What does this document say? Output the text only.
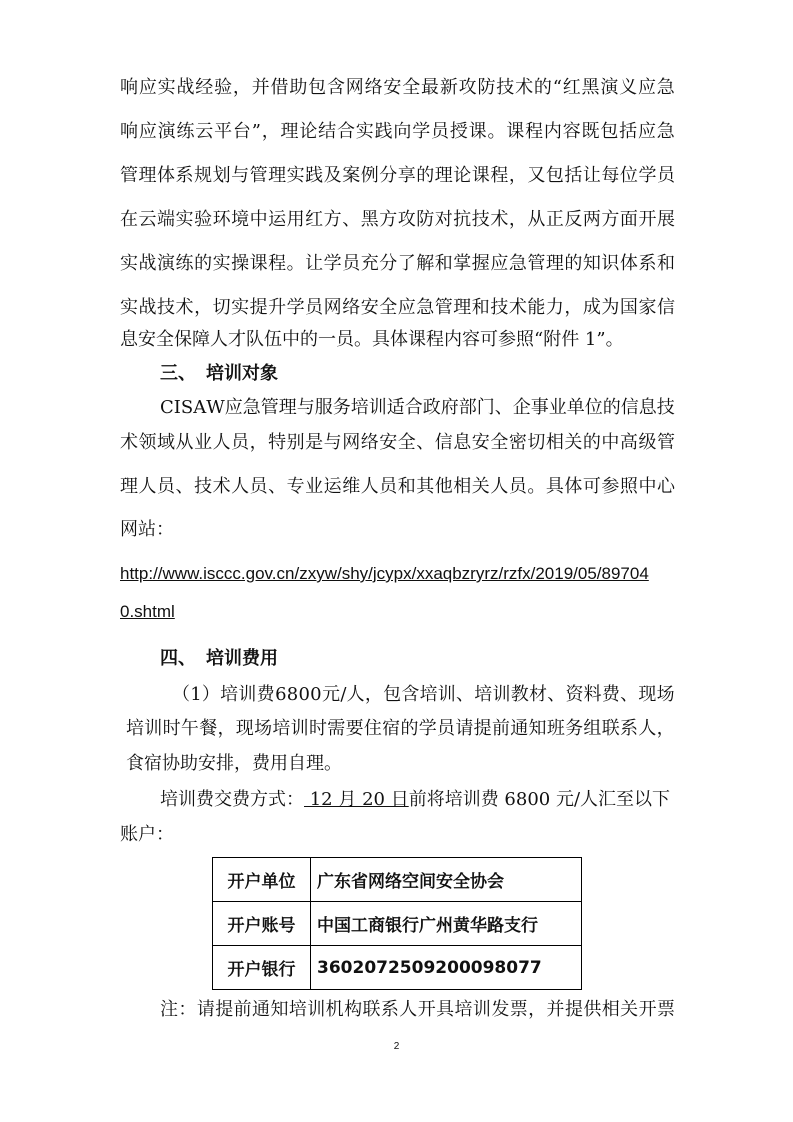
响 应 实 战 经 验 ， 并 借 助 包 含 网 络 安 全 最 新 攻 防 技 术 的 “ 红 黑 演 义 应 急
响 应 演 练 云 平 台 ” ， 理 论 结 合 实 践 向 学 员 授 课 。 课 程 内 容 既 包 括 应 急
管 理 体 系 规 划 与 管 理 实 践 及 案 例 分 享 的 理 论 课 程 ， 又 包 括 让 每 位 学 员
在 云 端 实 验 环 境 中 运 用 红 方 、 黑 方 攻 防 对 抗 技 术 ， 从 正 反 两 方 面 开 展
实 战 演 练 的 实 操 课 程 。 让 学 员 充 分 了 解 和 掌 握 应 急 管 理 的 知 识 体 系 和
实 战 技 术 ， 切 实 提 升 学 员 网 络 安 全 应 急 管 理 和 技 术 能 力 ， 成 为 国 家 信
息安全保障人才队伍中的一员。具体课程内容可参照“附件 1”。
三、 培训对象
C I S A W 应 急 管 理 与 服 务 培 训 适 合 政 府 部 门 、 企 事 业 单 位 的 信 息 技
术 领 域 从 业 人 员 ， 特 别 是 与 网 络 安 全 、 信 息 安 全 密 切 相 关 的 中 高 级 管
理 人 员 、 技 术 人 员 、 专 业 运 维 人 员 和 其 他 相 关 人 员 。 具 体 可 参 照 中 心
网站：
http://www.isccc.gov.cn/zxyw/shy/jcypx/xxaqbzryrz/rzfx/2019/05/89704
0.shtml
四、 培训费用
（ 1 ） 培 训 费 6 8 0 0 元 / 人 ， 包 含 培 训 、 培 训 教 材 、 资 料 费 、 现 场
培 训 时 午 餐 ， 现 场 培 训 时 需 要 住 宿 的 学 员 请 提 前 通 知 班 务 组 联 系 人 ，
食宿协助安排，费用自理。
培训费交费方式： 12 月 20 日前将培训费 6800 元/人汇至以下
账户：
开户单位	广东省网络空间安全协会
开户账号	中国工商银行广州黄华路支行
开户银行	3602072509200098077
注 ： 请 提 前 通 知 培 训 机 构 联 系 人 开 具 培 训 发 票 ， 并 提 供 相 关 开 票
2
